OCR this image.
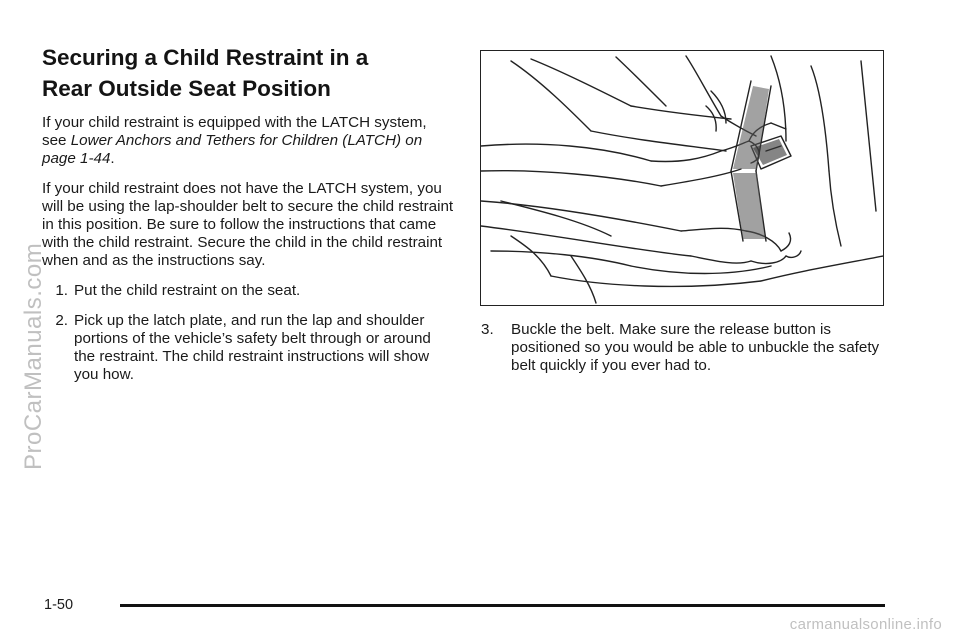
Securing a Child Restraint in a
Rear Outside Seat Position

If your child restraint is equipped with the LATCH system, see Lower Anchors and Tethers for Children (LATCH) on page 1-44.

If your child restraint does not have the LATCH system, you will be using the lap-shoulder belt to secure the child restraint in this position. Be sure to follow the instructions that came with the child restraint. Secure the child in the child restraint when and as the instructions say.

1. Put the child restraint on the seat.

2. Pick up the latch plate, and run the lap and shoulder portions of the vehicle’s safety belt through or around the restraint. The child restraint instructions will show you how.

3. Buckle the belt. Make sure the release button is positioned so you would be able to unbuckle the safety belt quickly if you ever had to.

ProCarManuals.com
1-50
carmanualsonline.info
